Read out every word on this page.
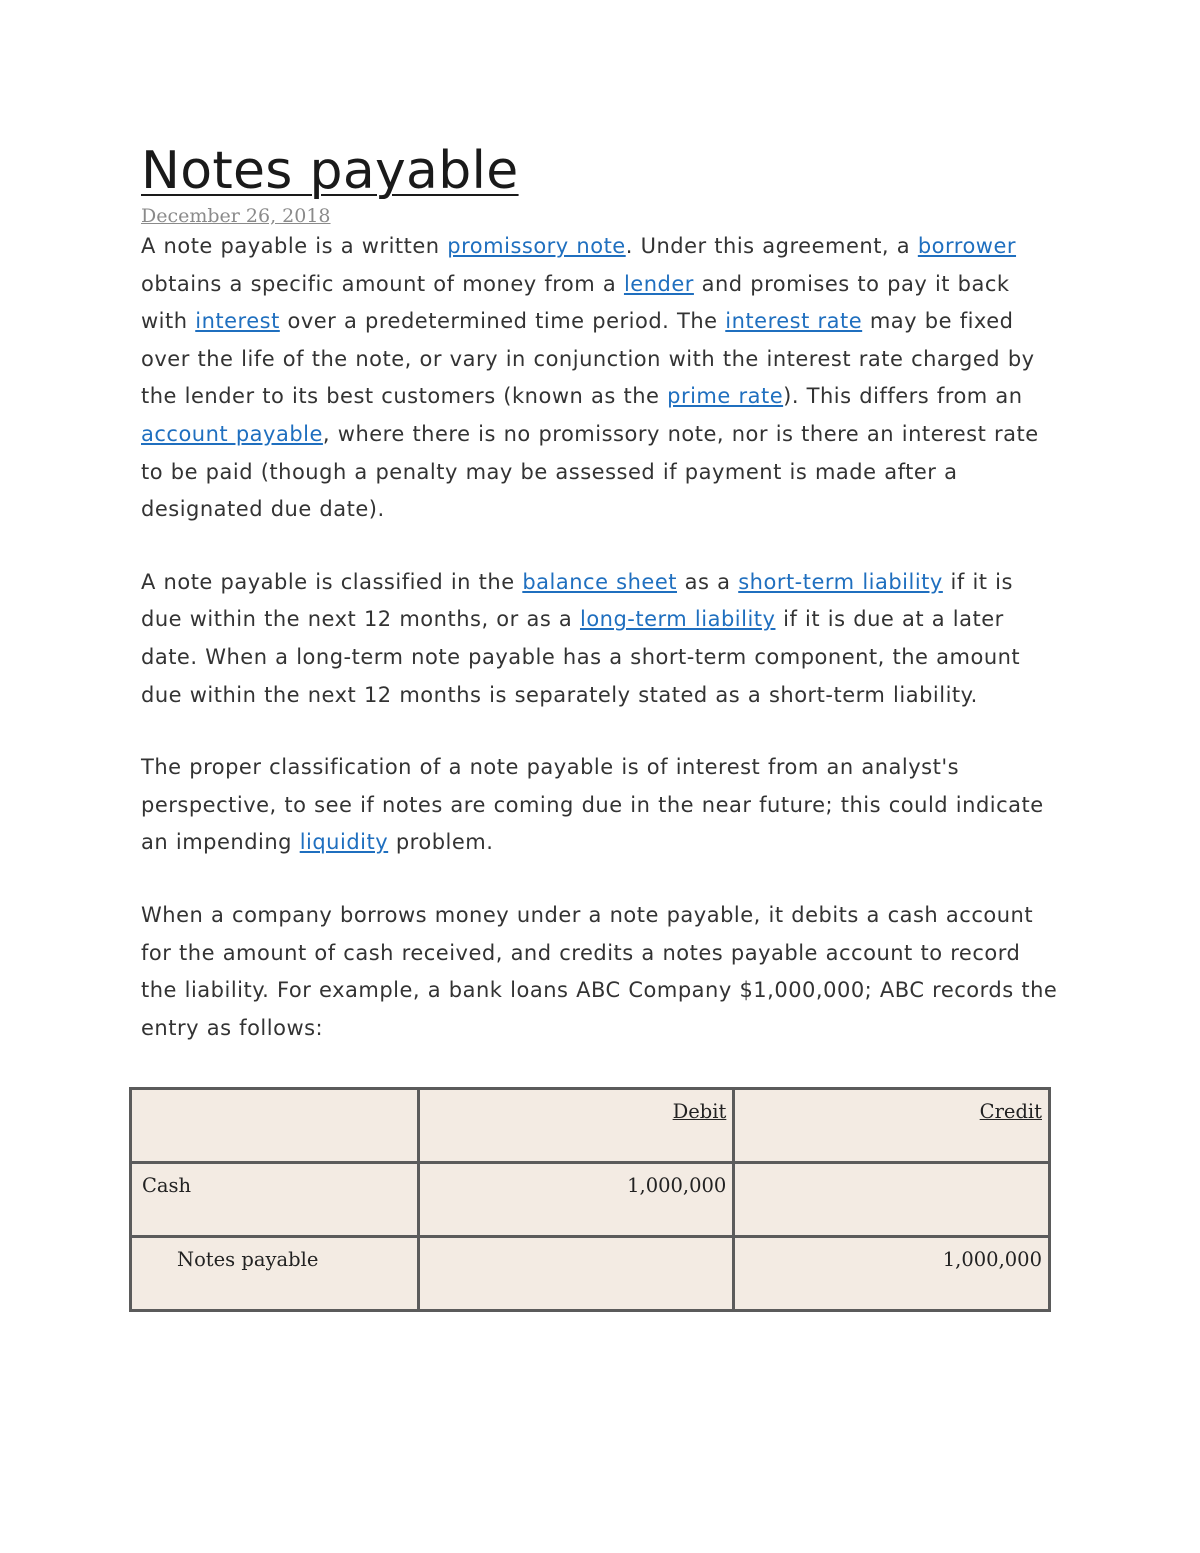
Notes payable

December 26, 2018

A note payable is a written promissory note. Under this agreement, a borrower obtains a specific amount of money from a lender and promises to pay it back with interest over a predetermined time period. The interest rate may be fixed over the life of the note, or vary in conjunction with the interest rate charged by the lender to its best customers (known as the prime rate). This differs from an account payable, where there is no promissory note, nor is there an interest rate to be paid (though a penalty may be assessed if payment is made after a designated due date).

A note payable is classified in the balance sheet as a short-term liability if it is due within the next 12 months, or as a long-term liability if it is due at a later date. When a long-term note payable has a short-term component, the amount due within the next 12 months is separately stated as a short-term liability.

The proper classification of a note payable is of interest from an analyst's perspective, to see if notes are coming due in the near future; this could indicate an impending liquidity problem.

When a company borrows money under a note payable, it debits a cash account for the amount of cash received, and credits a notes payable account to record the liability. For example, a bank loans ABC Company $1,000,000; ABC records the entry as follows:

	Debit	Credit
Cash	1,000,000	
Notes payable		1,000,000
